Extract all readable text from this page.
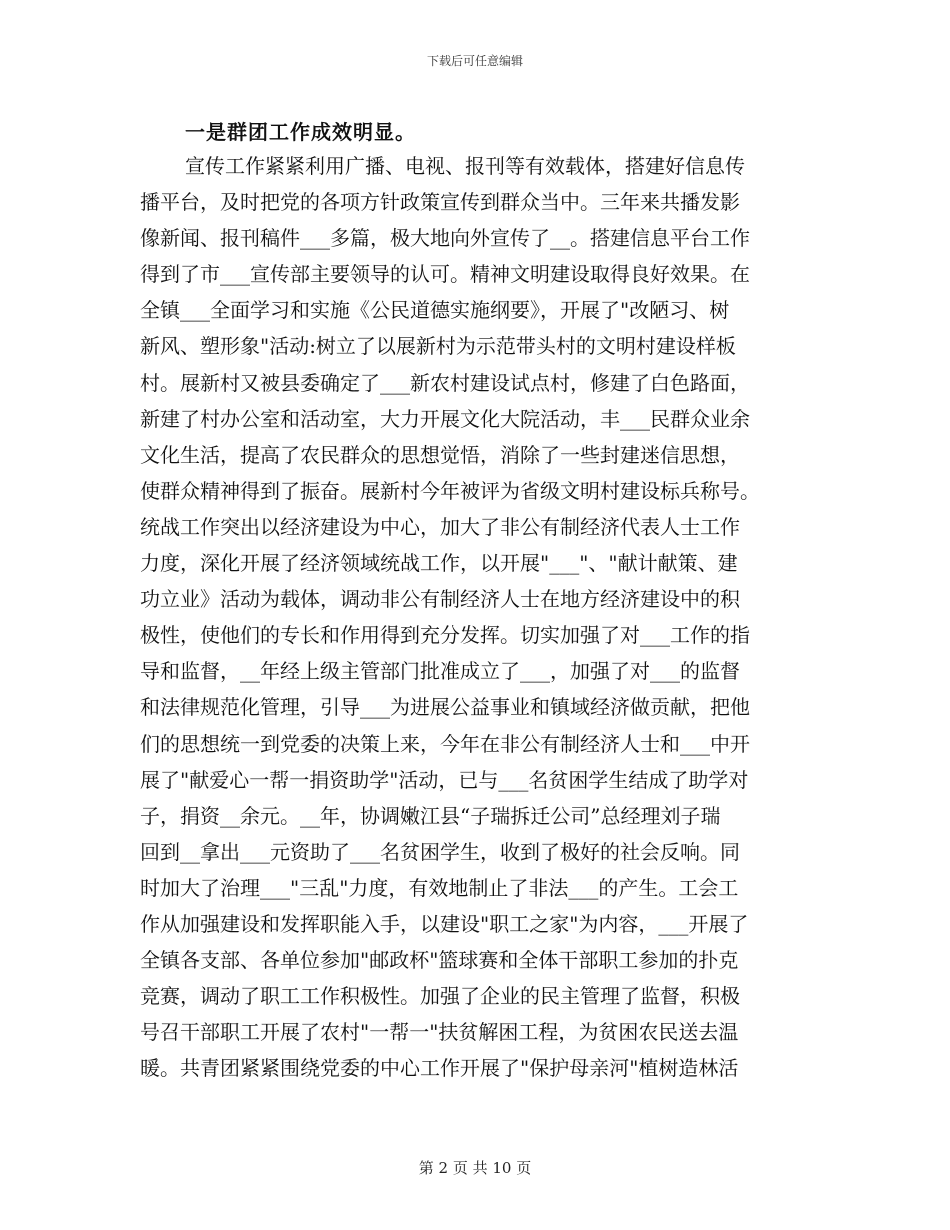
下载后可任意编辑
一是群团工作成效明显。
宣传工作紧紧利用广播、电视、报刊等有效载体，搭建好信息传
播平台，及时把党的各项方针政策宣传到群众当中。三年来共播发影
像新闻、报刊稿件___多篇，极大地向外宣传了__。搭建信息平台工作
得到了市___宣传部主要领导的认可。精神文明建设取得良好效果。在
全镇___全面学习和实施《公民道德实施纲要》，开展了"改陋习、树
新风、塑形象"活动:树立了以展新村为示范带头村的文明村建设样板
村。展新村又被县委确定了___新农村建设试点村，修建了白色路面，
新建了村办公室和活动室，大力开展文化大院活动，丰___民群众业余
文化生活，提高了农民群众的思想觉悟，消除了一些封建迷信思想，
使群众精神得到了振奋。展新村今年被评为省级文明村建设标兵称号。
统战工作突出以经济建设为中心，加大了非公有制经济代表人士工作
力度，深化开展了经济领域统战工作，以开展"___"、"献计献策、建
功立业》活动为载体，调动非公有制经济人士在地方经济建设中的积
极性，使他们的专长和作用得到充分发挥。切实加强了对___工作的指
导和监督，__年经上级主管部门批准成立了___，加强了对___的监督
和法律规范化管理，引导___为进展公益事业和镇域经济做贡献，把他
们的思想统一到党委的决策上来，今年在非公有制经济人士和___中开
展了"献爱心一帮一捐资助学"活动，已与___名贫困学生结成了助学对
子，捐资__余元。__年，协调嫩江县“子瑞拆迁公司”总经理刘子瑞
回到__拿出___元资助了___名贫困学生，收到了极好的社会反响。同
时加大了治理___"三乱"力度，有效地制止了非法___的产生。工会工
作从加强建设和发挥职能入手，以建设"职工之家"为内容，___开展了
全镇各支部、各单位参加"邮政杯"篮球赛和全体干部职工参加的扑克
竞赛，调动了职工工作积极性。加强了企业的民主管理了监督，积极
号召干部职工开展了农村"一帮一"扶贫解困工程，为贫困农民送去温
暖。共青团紧紧围绕党委的中心工作开展了"保护母亲河"植树造林活
第 2 页 共 10 页
